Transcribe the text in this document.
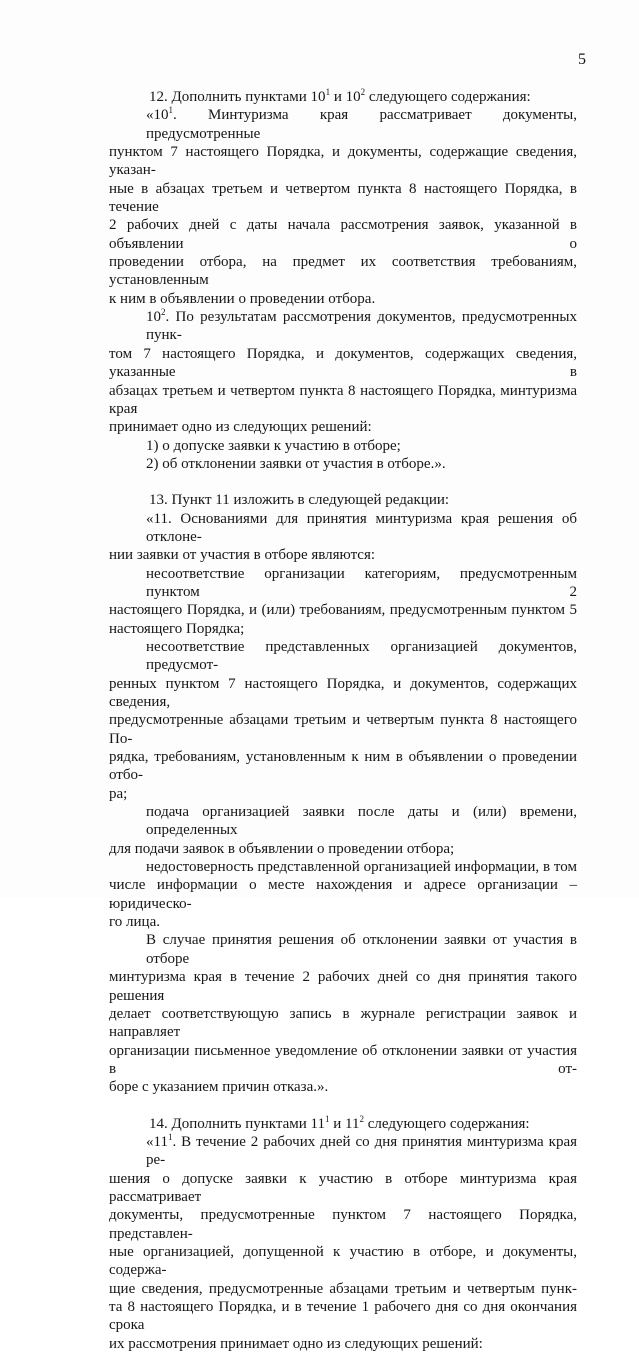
5
12. Дополнить пунктами $10^1$ и $10^2$ следующего содержания:
«$10^1$. Минтуризма края рассматривает документы, предусмотренные
пунктом 7 настоящего Порядка, и документы, содержащие сведения, указан-
ные в абзацах третьем и четвертом пункта 8 настоящего Порядка, в течение
2 рабочих дней с даты начала рассмотрения заявок, указанной в объявлении о
проведении отбора, на предмет их соответствия требованиям, установленным
к ним в объявлении о проведении отбора.
$10^2$. По результатам рассмотрения документов, предусмотренных пунк-
том 7 настоящего Порядка, и документов, содержащих сведения, указанные в
абзацах третьем и четвертом пункта 8 настоящего Порядка, минтуризма края
принимает одно из следующих решений:
1) о допуске заявки к участию в отборе;
2) об отклонении заявки от участия в отборе.».
13. Пункт 11 изложить в следующей редакции:
«11. Основаниями для принятия минтуризма края решения об отклоне-
нии заявки от участия в отборе являются:
несоответствие организации категориям, предусмотренным пунктом 2
настоящего Порядка, и (или) требованиям, предусмотренным пунктом 5
настоящего Порядка;
несоответствие представленных организацией документов, предусмот-
ренных пунктом 7 настоящего Порядка, и документов, содержащих сведения,
предусмотренные абзацами третьим и четвертым пункта 8 настоящего По-
рядка, требованиям, установленным к ним в объявлении о проведении отбо-
ра;
подача организацией заявки после даты и (или) времени, определенных
для подачи заявок в объявлении о проведении отбора;
недостоверность представленной организацией информации, в том
числе информации о месте нахождения и адресе организации – юридическо-
го лица.
В случае принятия решения об отклонении заявки от участия в отборе
минтуризма края в течение 2 рабочих дней со дня принятия такого решения
делает соответствующую запись в журнале регистрации заявок и направляет
организации письменное уведомление об отклонении заявки от участия в от-
боре с указанием причин отказа.».
14. Дополнить пунктами $11^1$ и $11^2$ следующего содержания:
«$11^1$. В течение 2 рабочих дней со дня принятия минтуризма края ре-
шения о допуске заявки к участию в отборе минтуризма края рассматривает
документы, предусмотренные пунктом 7 настоящего Порядка, представлен-
ные организацией, допущенной к участию в отборе, и документы, содержа-
щие сведения, предусмотренные абзацами третьим и четвертым пунк-
та 8 настоящего Порядка, и в течение 1 рабочего дня со дня окончания срока
их рассмотрения принимает одно из следующих решений:
